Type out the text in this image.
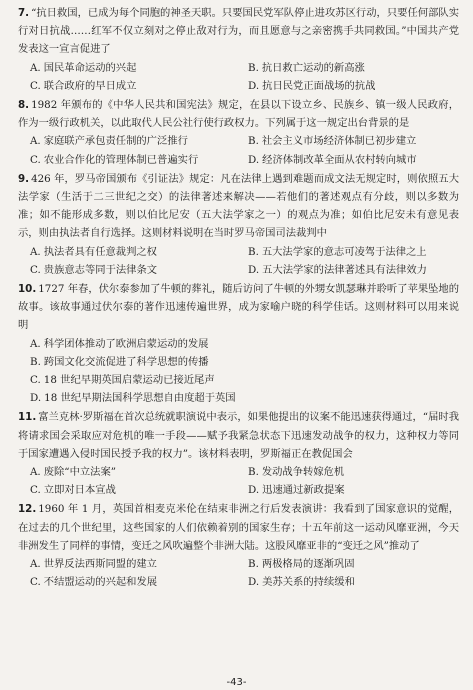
7. “抗日救国，已成为每个同胞的神圣天职。只要国民党军队停止进攻苏区行动，只要任何部队实行对日抗战……红军不仅立刻对之停止敌对行为，而且愿意与之亲密携手共同救国。”中国共产党发表这一宣言促进了

A. 国民革命运动的兴起	B. 抗日救亡运动的新高涨
C. 联合政府的早日成立	D. 抗日民党正面战场的抗战

8. 1982 年颁布的《中华人民共和国宪法》规定，在县以下设立乡、民族乡、镇一级人民政府，作为一级行政机关，以此取代人民公社行使行政权力。下列属于这一规定出台背景的是

A. 家庭联产承包责任制的广泛推行	B. 社会主义市场经济体制已初步建立
C. 农业合作化的管理体制已普遍实行	D. 经济体制改革全面从农村转向城市

9. 426 年，罗马帝国颁布《引证法》规定：凡在法律上遇到难题而成文法无规定时，则依照五大法学家（生活于二三世纪之交）的法律著述来解决——若他们的著述观点有分歧，则以多数为准；如不能形成多数，则以伯比尼安（五大法学家之一）的观点为准；如伯比尼安未有意见表示，则由执法者自行选择。这则材料说明在当时罗马帝国司法裁判中

A. 执法者具有任意裁判之权	B. 五大法学家的意志可凌驾于法律之上
C. 贵族意志等同于法律条文	D. 五大法学家的法律著述具有法律效力

10. 1727 年春，伏尔泰参加了牛顿的葬礼，随后访问了牛顿的外甥女凯瑟琳并聆听了苹果坠地的故事。该故事通过伏尔泰的著作迅速传遍世界，成为家喻户晓的科学佳话。这则材料可以用来说明

A. 科学团体推动了欧洲启蒙运动的发展
B. 跨国文化交流促进了科学思想的传播
C. 18 世纪早期英国启蒙运动已接近尾声
D. 18 世纪早期法国科学思想自由度超于英国

11. 富兰克林·罗斯福在首次总统就职演说中表示，如果他提出的议案不能迅速获得通过，“届时我将请求国会采取应对危机的唯一手段——赋予我紧急状态下迅速发动战争的权力，这种权力等同于国家遭遇入侵时国民授予我的权力”。该材料表明，罗斯福正在教促国会

A. 废除“中立法案”	B. 发动战争转嫁危机
C. 立即对日本宣战	D. 迅速通过新政提案

12. 1960 年 1 月，英国首相麦克米伦在结束非洲之行后发表演讲：我看到了国家意识的觉醒，在过去的几个世纪里，这些国家的人们依赖着别的国家生存；十五年前这一运动风靡亚洲，今天非洲发生了同样的事情，变迁之风吹遍整个非洲大陆。这股风靡亚非的“变迁之风”推动了

A. 世界反法西斯同盟的建立	B. 两极格局的逐渐巩固
C. 不结盟运动的兴起和发展	D. 美苏关系的持续缓和
-43-
